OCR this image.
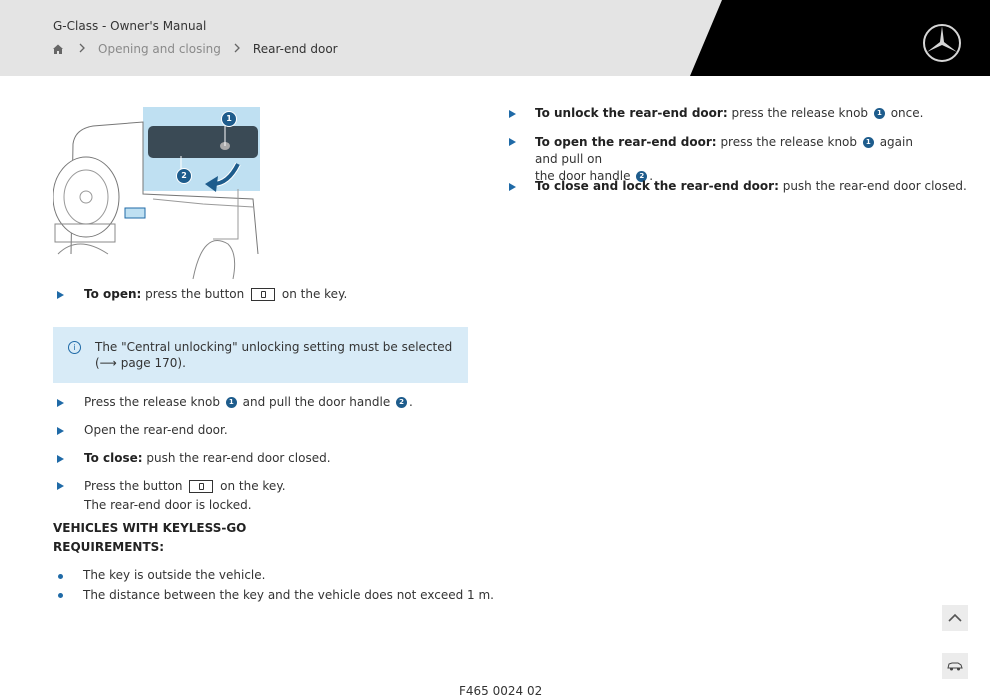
G-Class - Owner's Manual
Opening and closing	Rear-end door
1
2
To open: press the button	on the key.
i	The "Central unlocking" unlocking setting must be selected
(⟶ page 170).
Press the release knob 1 and pull the door handle 2 .
Open the rear-end door.
To close: push the rear-end door closed.
Press the button	on the key.
The rear-end door is locked.
VEHICLES WITH KEYLESS-GO
REQUIREMENTS:
The key is outside the vehicle.
The distance between the key and the vehicle does not exceed 1 m.
To unlock the rear-end door: press the release knob 1 once.
To open the rear-end door: press the release knob 1 again and pull on
the door handle 2 .
To close and lock the rear-end door: push the rear-end door closed.
F465 0024 02
